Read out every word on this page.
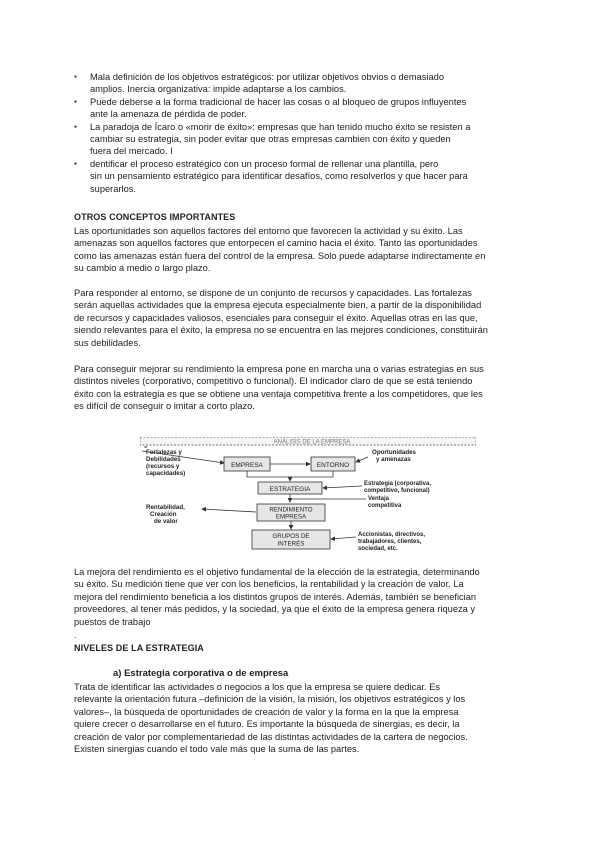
● Mala definición de los objetivos estratégicos: por utilizar objetivos obvios o demasiado
amplios. Inercia organizativa: impide adaptarse a los cambios.
● Puede deberse a la forma tradicional de hacer las cosas o al bloqueo de grupos influyentes
ante la amenaza de pérdida de poder.
● La paradoja de Ícaro o «morir de éxito»: empresas que han tenido mucho éxito se resisten a
cambiar su estrategia, sin poder evitar que otras empresas cambien con éxito y queden
fuera del mercado. I
● dentificar el proceso estratégico con un proceso formal de rellenar una plantilla, pero
sin un pensamiento estratégico para identificar desafíos, como resolverlos y que hacer para
superarlos.

OTROS CONCEPTOS IMPORTANTES

Las oportunidades son aquellos factores del entorno que favorecen la actividad y su éxito. Las
amenazas son aquellos factores que entorpecen el camino hacia el éxito. Tanto las oportunidades
como las amenazas están fuera del control de la empresa. Solo puede adaptarse indirectamente en
su cambio a medio o largo plazo.
Para responder al entorno, se dispone de un conjunto de recursos y capacidades. Las fortalezas
serán aquellas actividades que la empresa ejecuta especialmente bien, a partir de la disponibilidad
de recursos y capacidades valiosos, esenciales para conseguir el éxito. Aquellas otras en las que,
siendo relevantes para el éxito, la empresa no se encuentra en las mejores condiciones, constituirán
sus debilidades.
Para conseguir mejorar su rendimiento la empresa pone en marcha una o varias estrategias en sus
distintos niveles (corporativo, competitivo o funcional). El indicador claro de que se está teniendo
éxito con la estrategia es que se obtiene una ventaja competitiva frente a los competidores, que les
es difícil de conseguir o imitar a corto plazo.
ANÁLISIS DE LA EMPRESA
Fortalezas y
Debilidades
(recursos y
capacidades)
EMPRESA	ENTORNO
Oportunidades
y amenazas
ESTRATEGIA
Estrategia (corporativa,
competitivo, funcional)
Ventaja
competitiva
RENDIMIENTO
EMPRESA
Rentabilidad,
Creación
de valor
GRUPOS DE
INTERÉS
Accionistas, directivos,
trabajadores, clientes,
sociedad, etc.
=
La mejora del rendimiento es el objetivo fundamental de la elección de la estrategia, determinando
su éxito. Su medición tiene que ver con los beneficios, la rentabilidad y la creación de valor. La
mejora del rendimiento beneficia a los distintos grupos de interés. Además, también se benefician
proveedores, al tener más pedidos, y la sociedad, ya que el éxito de la empresa genera riqueza y
puestos de trabajo

.

NIVELES DE LA ESTRATEGIA

a) Estrategia corporativa o de empresa

Trata de identificar las actividades o negocios a los que la empresa se quiere dedicar. Es
relevante la orientación futura –definición de la visión, la misión, los objetivos estratégicos y los
valores–, la búsqueda de oportunidades de creación de valor y la forma en la que la empresa
quiere crecer o desarrollarse en el futuro. Es importante la búsqueda de sinergias, es decir, la
creación de valor por complementariedad de las distintas actividades de la cartera de negocios.
Existen sinergias cuando el todo vale más que la suma de las partes.
